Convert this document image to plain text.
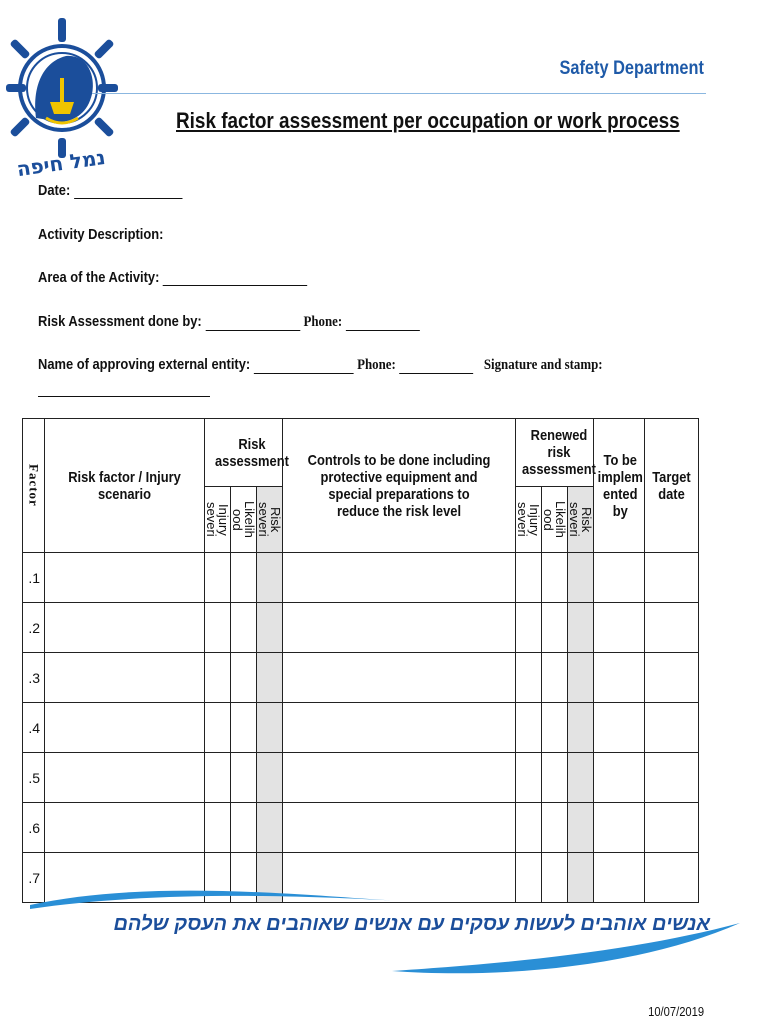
נמל חיפה
Safety Department
Risk factor assessment per occupation or work process
Date:
Activity Description:
Area of the Activity:
Risk Assessment done by:	Phone:
Name of approving external entity:	Phone:	Signature and stamp:
Factor	Risk factor / Injury scenario	Risk assessment			Controls to be done including protective equipment and special preparations to reduce the risk level	Renewed risk assessment			To be implem ented by	Target date

		Injury severi	Likelih ood	Risk severi		Injury severi	Likelih ood	Risk severi		

.1										
.2										
.3										
.4										
.5										
.6										
.7										
אנשים אוהבים לעשות עסקים עם אנשים שאוהבים את העסק שלהם
10/07/2019
